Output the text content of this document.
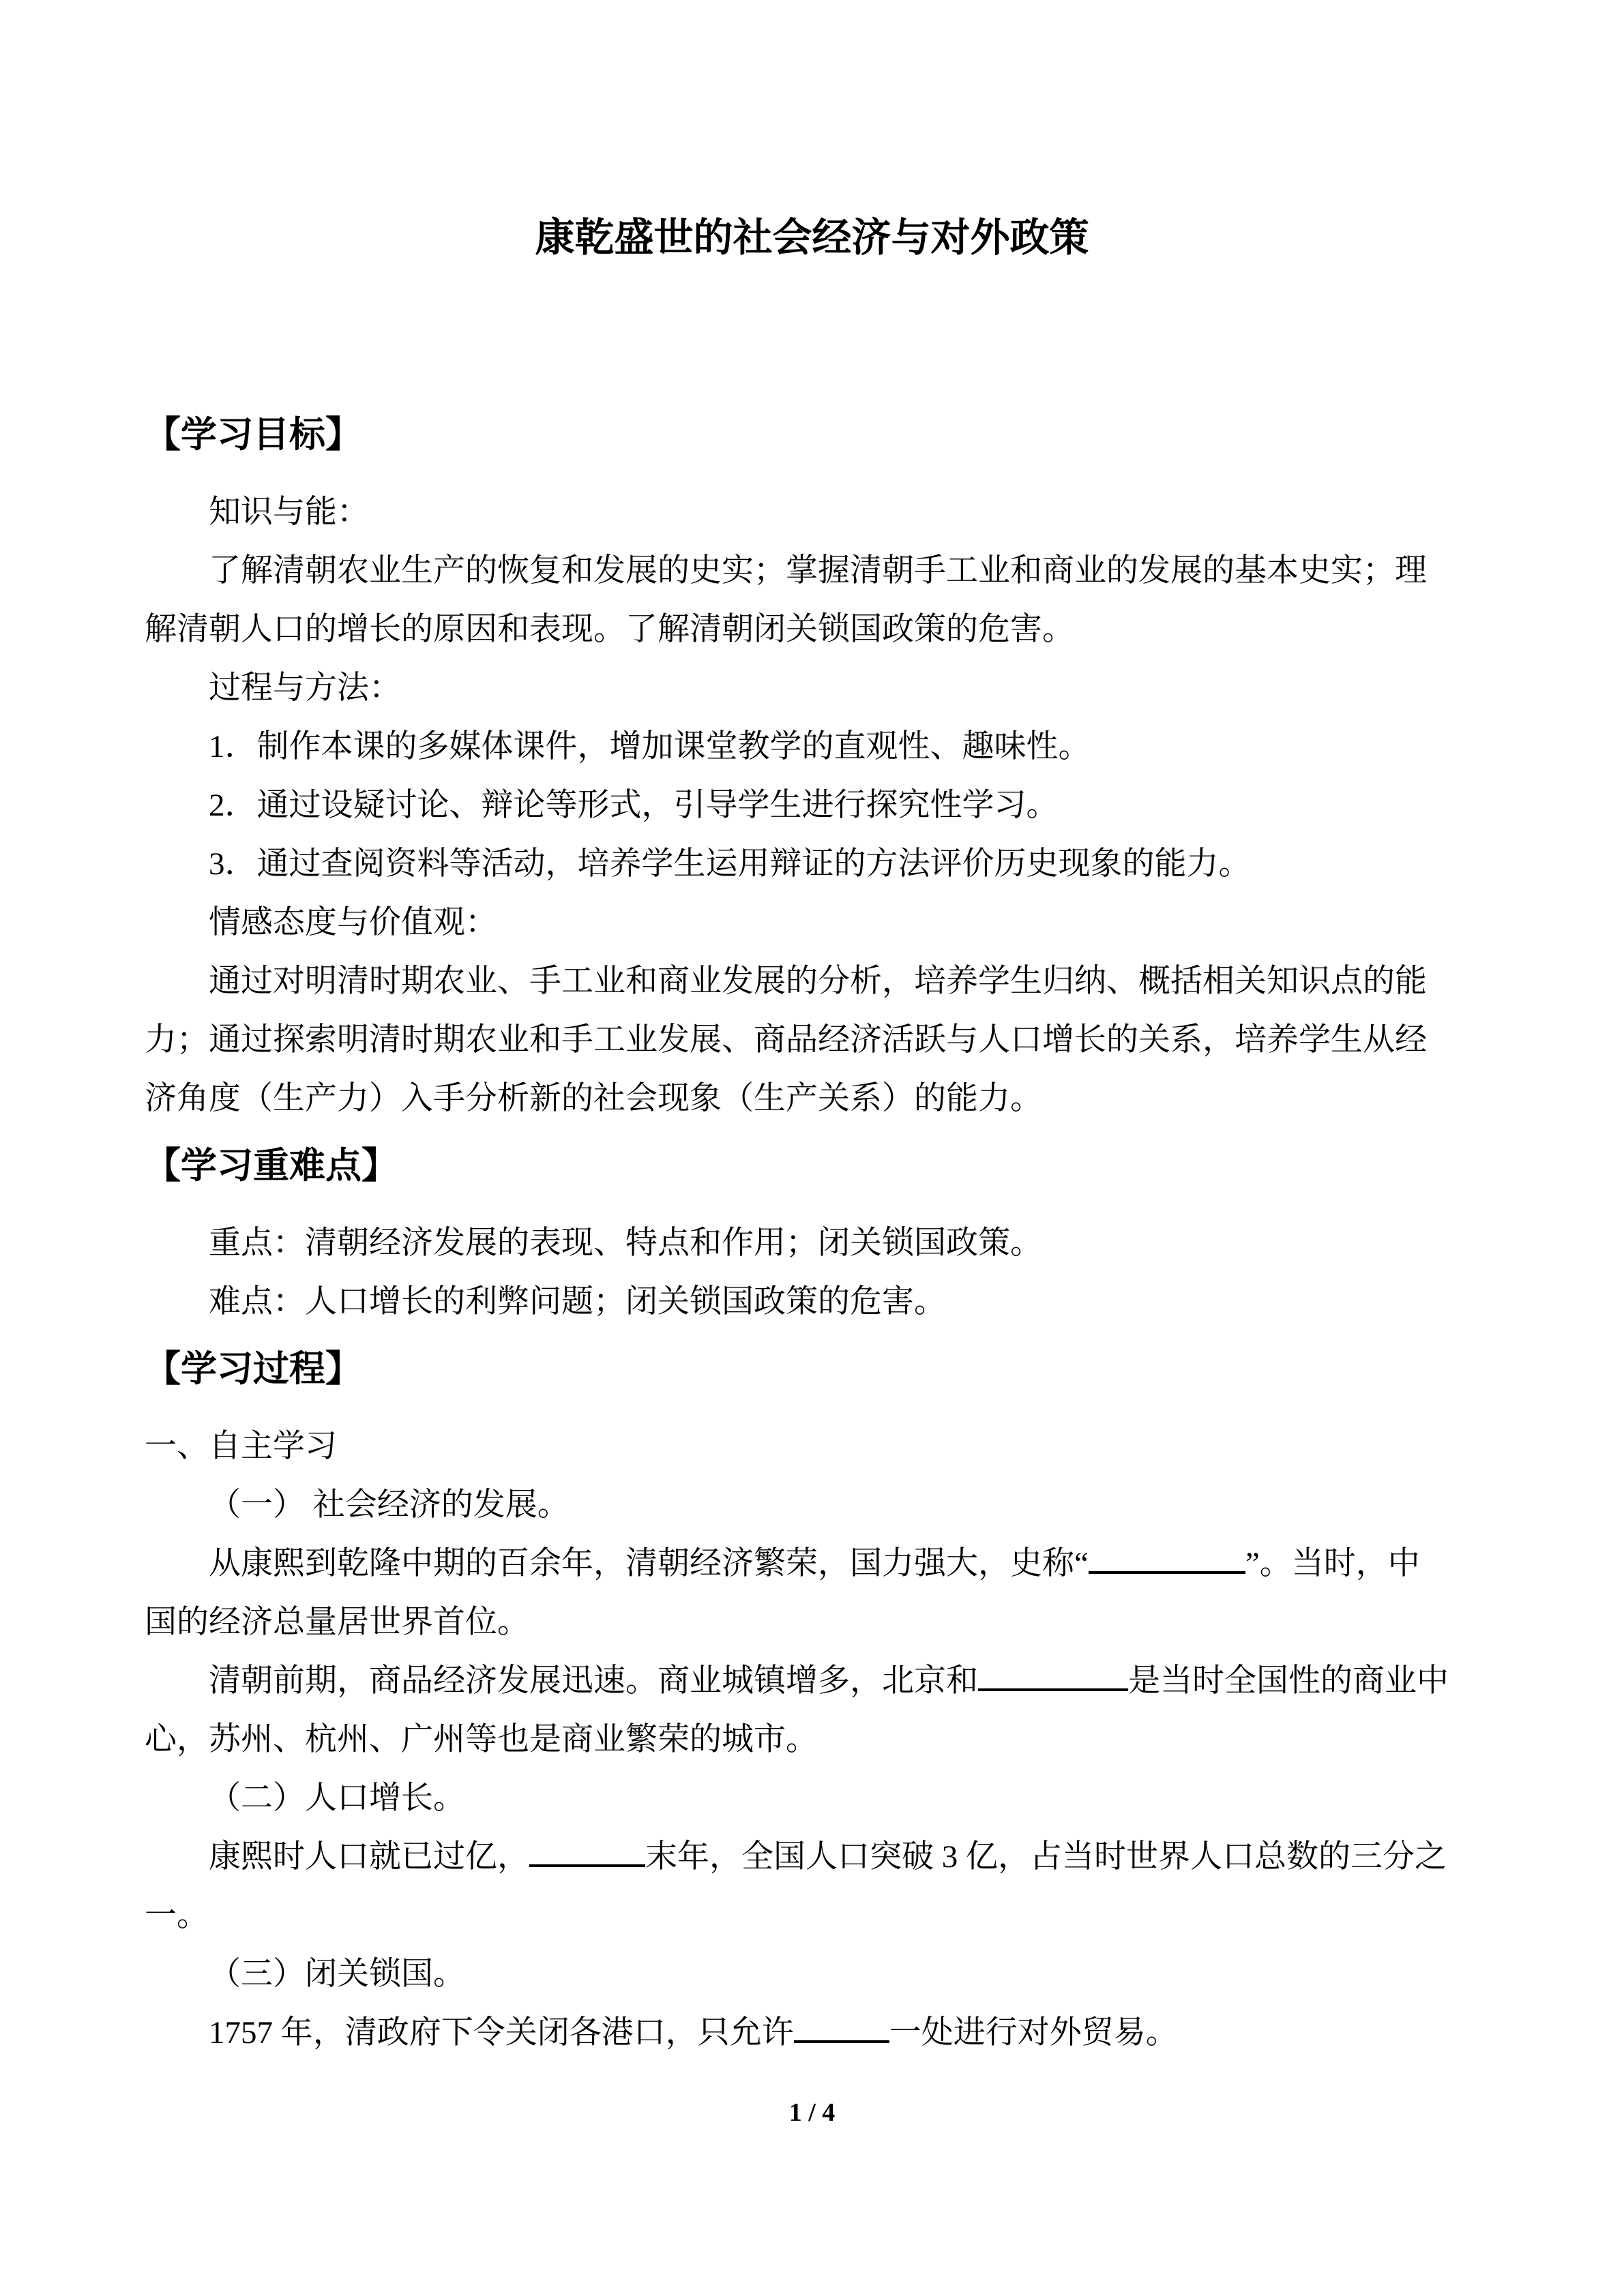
康乾盛世的社会经济与对外政策
【学习目标】
知识与能：
了解清朝农业生产的恢复和发展的史实；掌握清朝手工业和商业的发展的基本史实；理
解清朝人口的增长的原因和表现。了解清朝闭关锁国政策的危害。
过程与方法：
1．制作本课的多媒体课件，增加课堂教学的直观性、趣味性。
2．通过设疑讨论、辩论等形式，引导学生进行探究性学习。
3．通过查阅资料等活动，培养学生运用辩证的方法评价历史现象的能力。
情感态度与价值观：
通过对明清时期农业、手工业和商业发展的分析，培养学生归纳、概括相关知识点的能
力；通过探索明清时期农业和手工业发展、商品经济活跃与人口增长的关系，培养学生从经
济角度（生产力）入手分析新的社会现象（生产关系）的能力。
【学习重难点】
重点：清朝经济发展的表现、特点和作用；闭关锁国政策。
难点：人口增长的利弊问题；闭关锁国政策的危害。
【学习过程】
一、自主学习
（一） 社会经济的发展。
从康熙到乾隆中期的百余年，清朝经济繁荣，国力强大，史称“	”。当时，中
国的经济总量居世界首位。
清朝前期，商品经济发展迅速。商业城镇增多，北京和	是当时全国性的商业中
心，苏州、杭州、广州等也是商业繁荣的城市。
（二）人口增长。
康熙时人口就已过亿，	末年，全国人口突破 3 亿，占当时世界人口总数的三分之
一。
（三）闭关锁国。
1757 年，清政府下令关闭各港口，只允许	一处进行对外贸易。
1 / 4
